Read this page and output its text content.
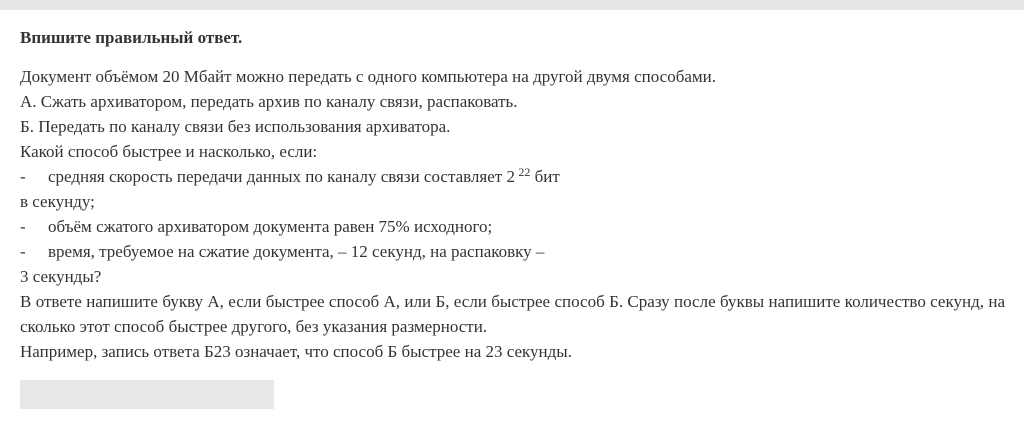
Впишите правильный ответ.

Документ объёмом 20 Мбайт можно передать с одного компьютера на другой двумя способами.

А. Сжать архиватором, передать архив по каналу связи, распаковать.

Б. Передать по каналу связи без использования архиватора.

Какой способ быстрее и насколько, если:

-	средняя скорость передачи данных по каналу связи составляет 2  $^{22}$ бит

в секунду;

-	объём сжатого архиватором документа равен 75% исходного;
-	время, требуемое на сжатие документа, – 12 секунд, на распаковку –

3 секунды?

В ответе напишите букву А, если быстрее способ А, или Б, если быстрее способ Б. Сразу после буквы напишите количество секунд, на сколько этот способ быстрее другого, без указания размерности.

Например, запись ответа Б23 означает, что способ Б быстрее на 23 секунды.
